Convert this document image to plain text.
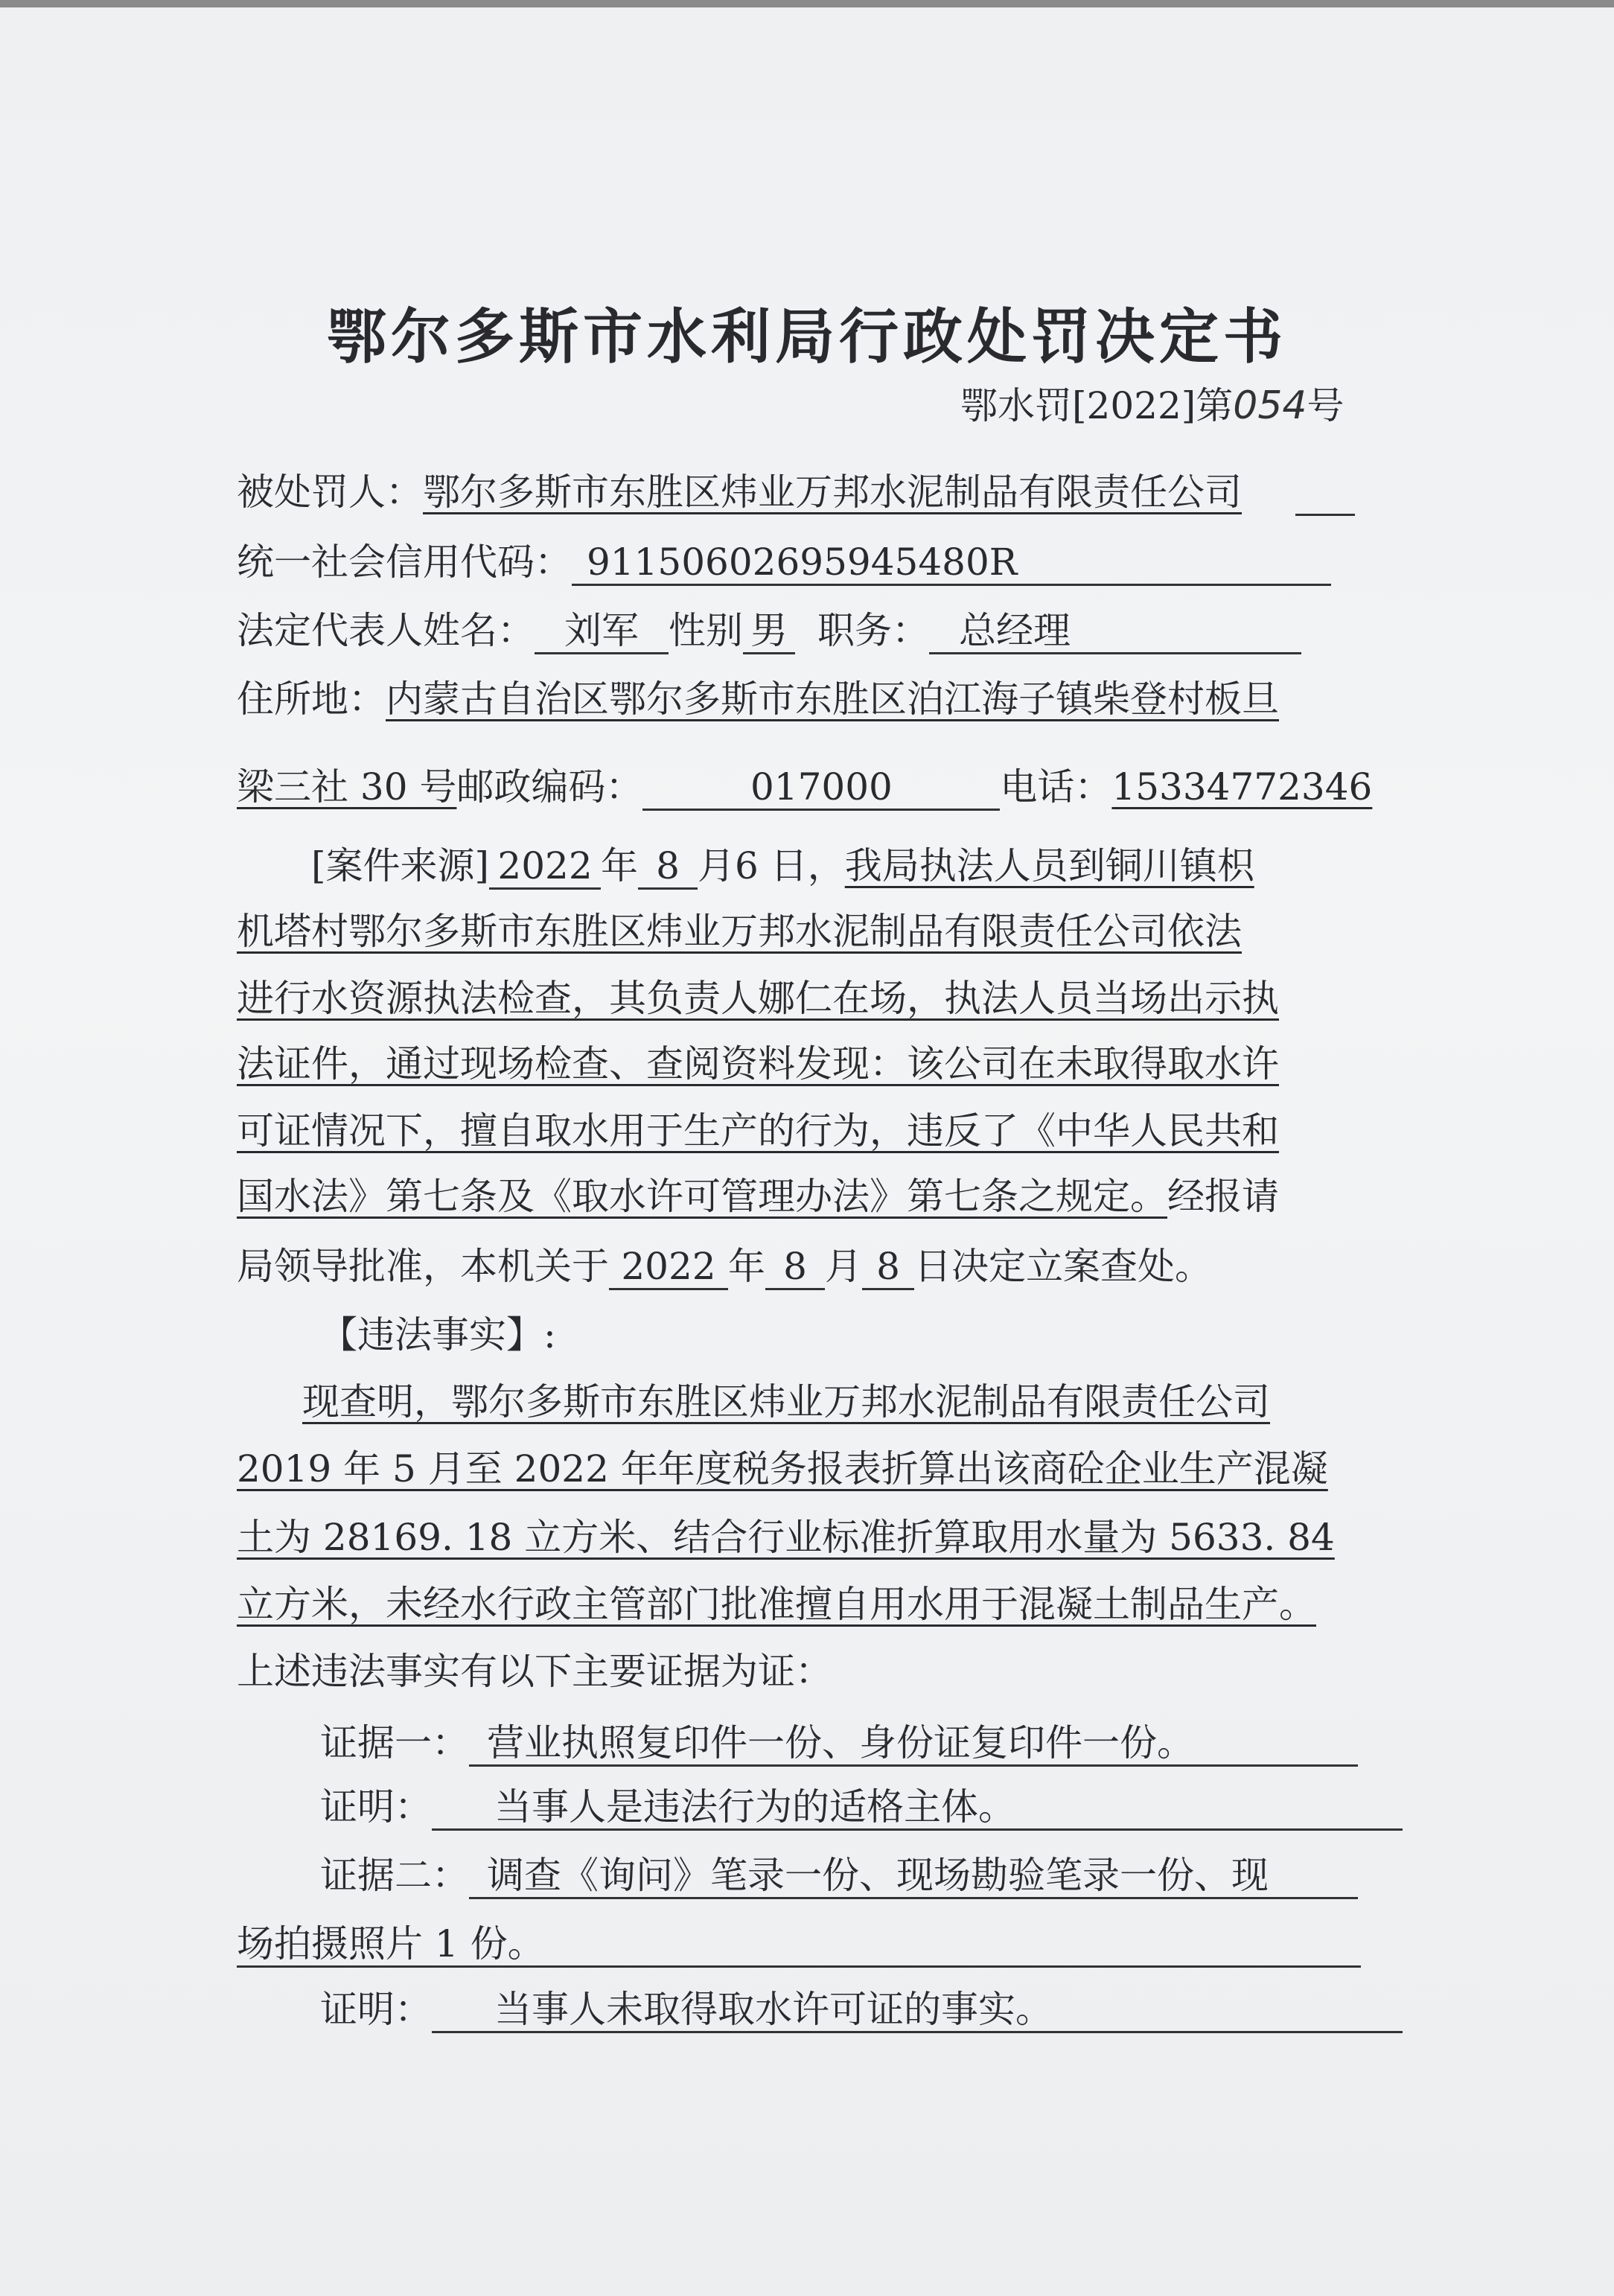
鄂尔多斯市水利局行政处罚决定书
鄂水罚[2022]第054号
被处罚人：鄂尔多斯市东胜区炜业万邦水泥制品有限责任公司
统一社会信用代码： 91150602695945480R
法定代表人姓名： 刘军 性别 男 职务： 总经理
住所地：内蒙古自治区鄂尔多斯市东胜区泊江海子镇柴登村板旦
梁三社 30 号邮政编码：	017000	电话：15334772346
[案件来源] 2022 年 8 月6 日，我局执法人员到铜川镇枳
机塔村鄂尔多斯市东胜区炜业万邦水泥制品有限责任公司依法
进行水资源执法检查，其负责人娜仁在场，执法人员当场出示执
法证件，通过现场检查、查阅资料发现：该公司在未取得取水许
可证情况下，擅自取水用于生产的行为，违反了《中华人民共和
国水法》第七条及《取水许可管理办法》第七条之规定。经报请
局领导批准，本机关于 2022 年 8 月 8 日决定立案查处。
【违法事实】:
现查明，鄂尔多斯市东胜区炜业万邦水泥制品有限责任公司
2019 年 5 月至 2022 年年度税务报表折算出该商砼企业生产混凝
土为 28169. 18 立方米、结合行业标准折算取用水量为 5633. 84
立方米，未经水行政主管部门批准擅自用水用于混凝土制品生产。
上述违法事实有以下主要证据为证：
证据一： 营业执照复印件一份、身份证复印件一份。
证明： 当事人是违法行为的适格主体。
证据二： 调查《询问》笔录一份、现场勘验笔录一份、现
场拍摄照片 1 份。
证明： 当事人未取得取水许可证的事实。
